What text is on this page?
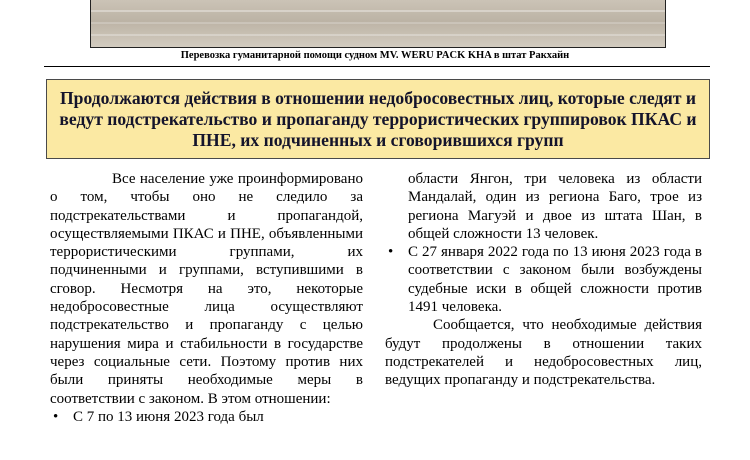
Перевозка гуманитарной помощи судном MV. WERU PACK KHA в штат Ракхайн
Продолжаются действия в отношении недобросовестных лиц, которые следят и ведут подстрекательство и пропаганду террористических группировок ПКАС и ПНЕ, их подчиненных и сговорившихся групп

Все население уже проинформировано о том, чтобы оно не следило за подстрекательствами и пропагандой, осуществляемыми ПКАС и ПНЕ, объявленными террористическими группами, их подчиненными и группами, вступившими в сговор. Несмотря на это, некоторые недобросовестные лица осуществляют подстрекательство и пропаганду с целью нарушения мира и стабильности в государстве через социальные сети. Поэтому против них были приняты необходимые меры в соответствии с законом. В этом отношении:

• С 7 по 13 июня 2023 года был

области Янгон, три человека из области Мандалай, один из региона Баго, трое из региона Магуэй и двое из штата Шан, в общей сложности 13 человек.

• С 27 января 2022 года по 13 июня 2023 года в соответствии с законом были возбуждены судебные иски в общей сложности против 1491 человека.

Сообщается, что необходимые действия будут продолжены в отношении таких подстрекателей и недобросовестных лиц, ведущих пропаганду и подстрекательства.
